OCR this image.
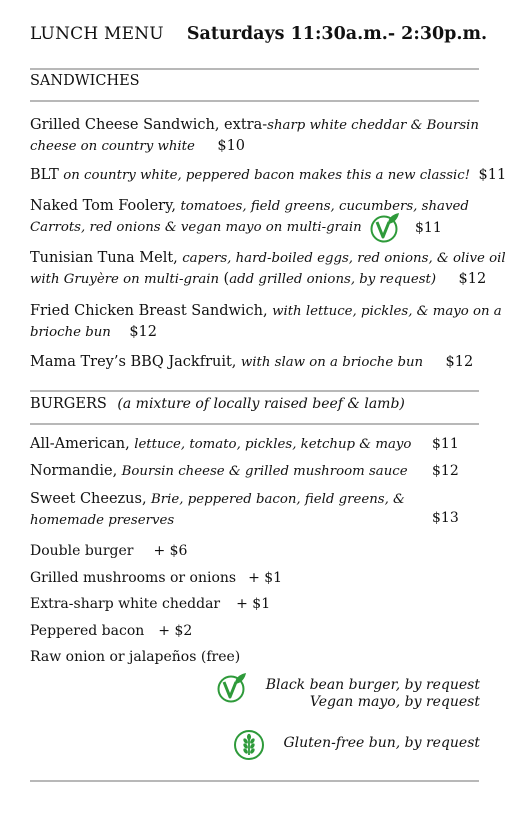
LUNCH MENU Saturdays 11:30a.m.- 2:30p.m.
SANDWICHES
Grilled Cheese Sandwich, extra-sharp white cheddar & Boursin
cheese on country white $10
BLT on country white, peppered bacon makes this a new classic! $11
Naked Tom Foolery, tomatoes, field greens, cucumbers, shaved
Carrots, red onions & vegan mayo on multi-grain	$11
Tunisian Tuna Melt, capers, hard-boiled eggs, red onions, & olive oil
with Gruyère on multi-grain (add grilled onions, by request) $12
Fried Chicken Breast Sandwich, with lettuce, pickles, & mayo on a
brioche bun $12
Mama Trey’s BBQ Jackfruit, with slaw on a brioche bun $12
BURGERS (a mixture of locally raised beef & lamb)
All-American, lettuce, tomato, pickles, ketchup & mayo	$11
Normandie, Boursin cheese & grilled mushroom sauce	$12
Sweet Cheezus, Brie, peppered bacon, field greens, &
homemade preserves	$13
Double burger + $6
Grilled mushrooms or onions + $1
Extra-sharp white cheddar + $1
Peppered bacon + $2
Raw onion or jalapeños (free)
Black bean burger, by request
Vegan mayo, by request
Gluten-free bun, by request
